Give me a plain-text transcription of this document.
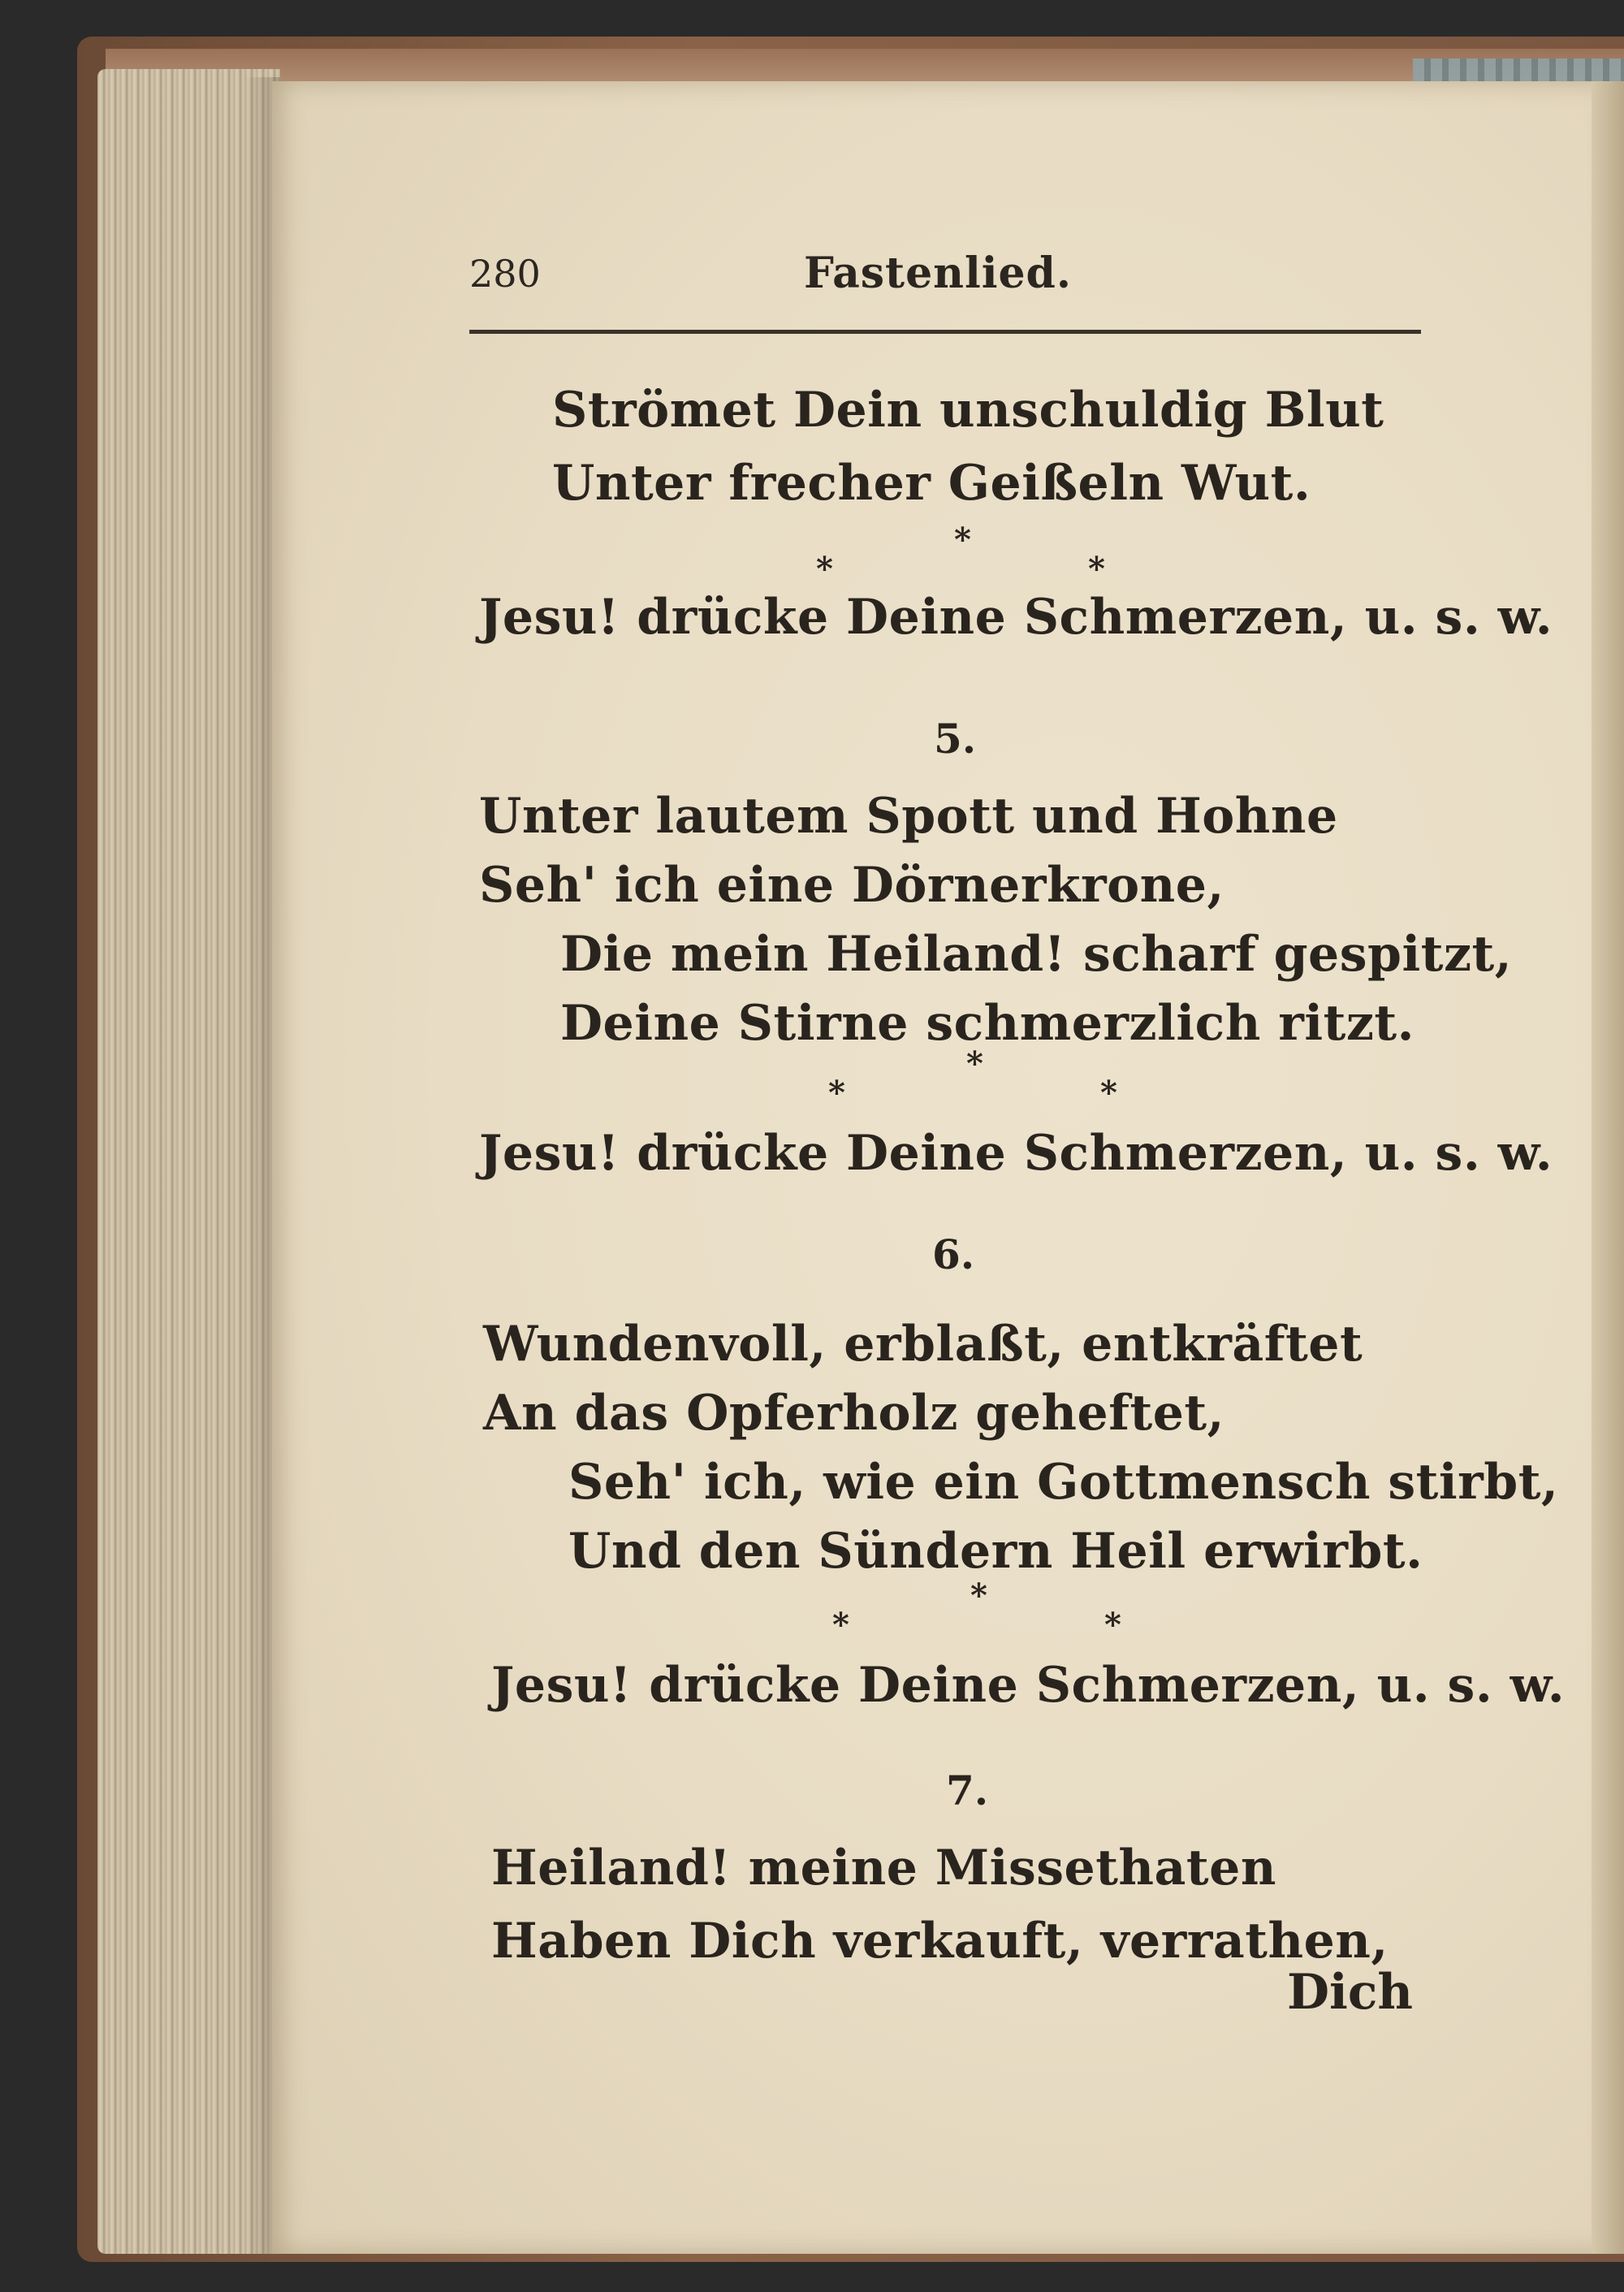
280	Fastenlied.
Strömet Dein unschuldig Blut
Unter frecher Geißeln Wut.
*
*	*
Jesu! drücke Deine Schmerzen, u. s. w.
5.
Unter lautem Spott und Hohne
Seh' ich eine Dörnerkrone,
Die mein Heiland! scharf gespitzt,
Deine Stirne schmerzlich ritzt.
*
*	*
Jesu! drücke Deine Schmerzen, u. s. w.
6.
Wundenvoll, erblaßt, entkräftet
An das Opferholz geheftet,
Seh' ich, wie ein Gottmensch stirbt,
Und den Sündern Heil erwirbt.
*
*	*
Jesu! drücke Deine Schmerzen, u. s. w.
7.
Heiland! meine Missethaten
Haben Dich verkauft, verrathen,
Dich
